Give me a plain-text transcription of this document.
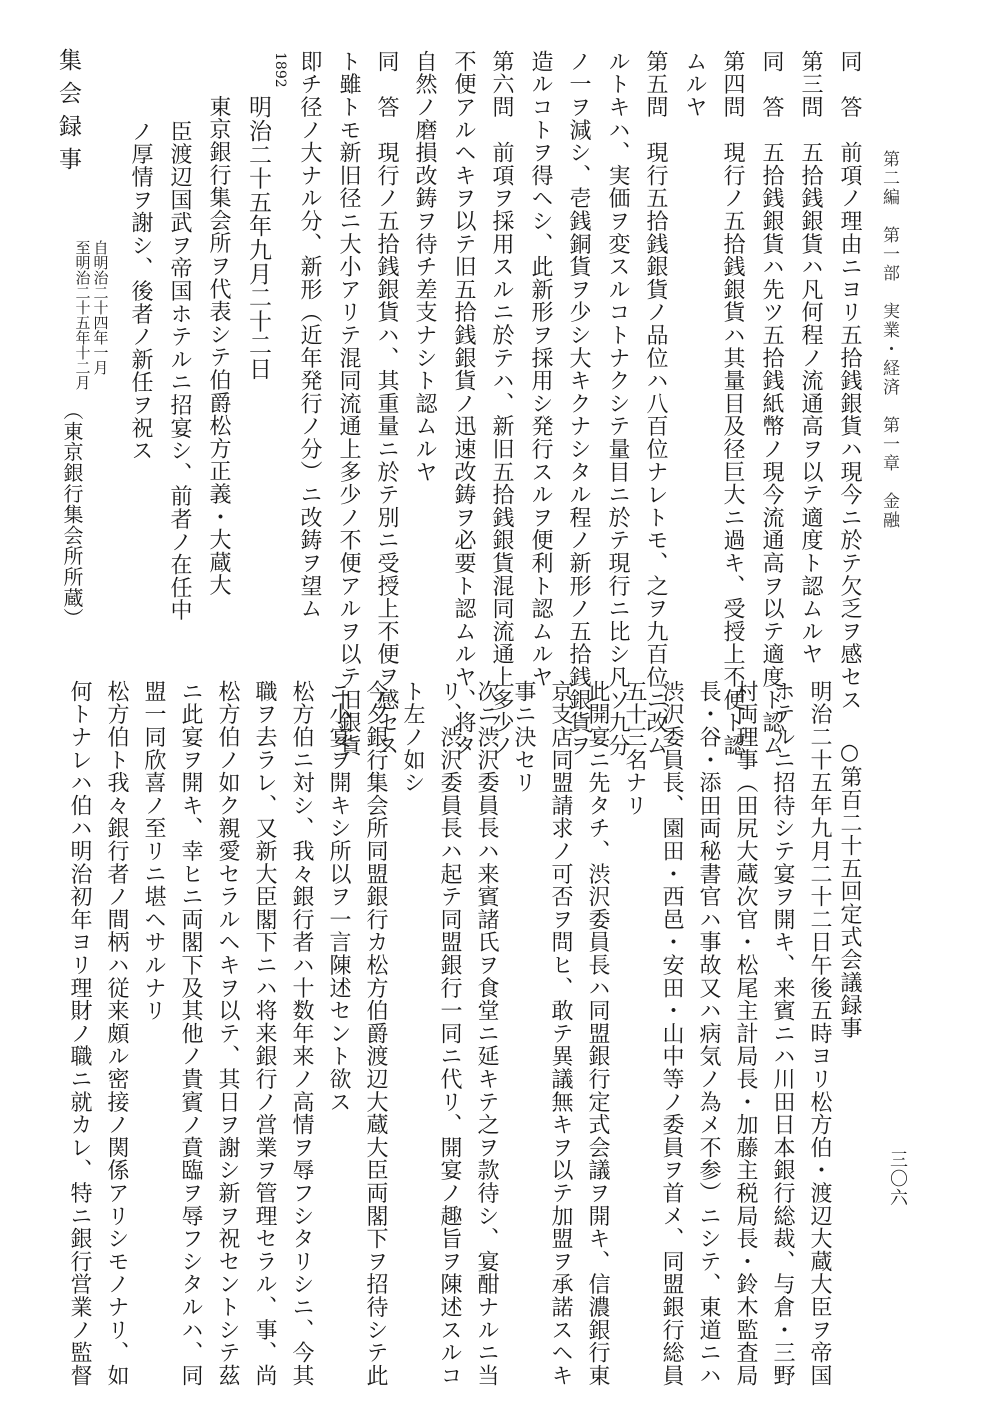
第二編　第一部　実業・経済　第一章　金融
三〇六
同　答　前項ノ理由ニヨリ五拾銭銀貨ハ現今ニ於テ欠乏ヲ感セス
第三問　五拾銭銀貨ハ凡何程ノ流通高ヲ以テ適度ト認ムルヤ
同　答　五拾銭銀貨ハ先ツ五拾銭紙幣ノ現今流通高ヲ以テ適度ト認ム
第四問　現行ノ五拾銭銀貨ハ其量目及径巨大ニ過キ、受授上不便ト認
ムルヤ
第五問　現行五拾銭銀貨ノ品位ハ八百位ナレトモ、之ヲ九百位ニ改ム
ルトキハ、実価ヲ変スルコトナクシテ量目ニ於テ現行ニ比シ凡ソ九分
ノ一ヲ減シ、壱銭銅貨ヲ少シ大キクナシタル程ノ新形ノ五拾銭銀貨ヲ
造ルコトヲ得ヘシ、此新形ヲ採用シ発行スルヲ便利ト認ムルヤ
第六問　前項ヲ採用スルニ於テハ、新旧五拾銭銀貨混同流通上多少ノ
不便アルヘキヲ以テ旧五拾銭銀貨ノ迅速改鋳ヲ必要ト認ムルヤ、将タ
自然ノ磨損改鋳ヲ待チ差支ナシト認ムルヤ
同　答　現行ノ五拾銭銀貨ハ、其重量ニ於テ別ニ受授上不便ヲ感セス
ト雖トモ新旧径ニ大小アリテ混同流通上多少ノ不便アルヲ以テ旧銀貨
即チ径ノ大ナル分、新形（近年発行ノ分）ニ改鋳ヲ望ム
1892
明治二十五年九月二十二日
東京銀行集会所ヲ代表シテ伯爵松方正義・大蔵大
臣渡辺国武ヲ帝国ホテルニ招宴シ、前者ノ在任中
ノ厚情ヲ謝シ、後者ノ新任ヲ祝ス
（東京銀行集会所所蔵）
集会録事
自明治二十四年一月
至明治二十五年十二月
○第百二十五回定式会議録事
明治二十五年九月二十二日午後五時ヨリ松方伯・渡辺大蔵大臣ヲ帝国
ホテルニ招待シテ宴ヲ開キ、来賓ニハ川田日本銀行総裁、与倉・三野
村両理事（田尻大蔵次官・松尾主計局長・加藤主税局長・鈴木監査局
長・谷・添田両秘書官ハ事故又ハ病気ノ為メ不参）ニシテ、東道ニハ
渋沢委員長、園田・西邑・安田・山中等ノ委員ヲ首メ、同盟銀行総員
五十三名ナリ
此開宴ニ先タチ、渋沢委員長ハ同盟銀行定式会議ヲ開キ、信濃銀行東
京支店同盟請求ノ可否ヲ問ヒ、敢テ異議無キヲ以テ加盟ヲ承諾スヘキ
事ニ決セリ
次ニ渋沢委員長ハ来賓諸氏ヲ食堂ニ延キテ之ヲ款待シ、宴酣ナルニ当
リ、渋沢委員長ハ起テ同盟銀行一同ニ代リ、開宴ノ趣旨ヲ陳述スルコ
ト左ノ如シ
今夕銀行集会所同盟銀行カ松方伯爵渡辺大蔵大臣両閣下ヲ招待シテ此
ニ小宴ヲ開キシ所以ヲ一言陳述セント欲ス
松方伯ニ対シ、我々銀行者ハ十数年来ノ高情ヲ辱フシタリシニ、今其
職ヲ去ラレ、又新大臣閣下ニハ将来銀行ノ営業ヲ管理セラル、事、尚
松方伯ノ如ク親愛セラルヘキヲ以テ、其日ヲ謝シ新ヲ祝セントシテ茲
ニ此宴ヲ開キ、幸ヒニ両閣下及其他ノ貴賓ノ賁臨ヲ辱フシタルハ、同
盟一同欣喜ノ至リニ堪ヘサルナリ
松方伯ト我々銀行者ノ間柄ハ従来頗ル密接ノ関係アリシモノナリ、如
何トナレハ伯ハ明治初年ヨリ理財ノ職ニ就カレ、特ニ銀行営業ノ監督
